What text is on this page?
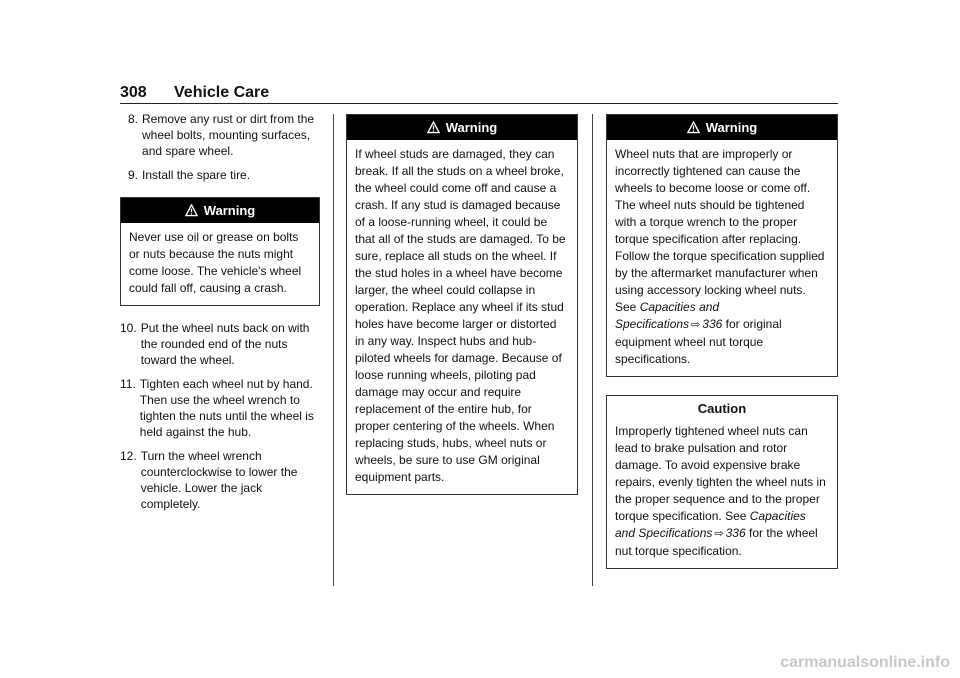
308 Vehicle Care
8. Remove any rust or dirt from the wheel bolts, mounting surfaces, and spare wheel.
9. Install the spare tire.
Warning
Never use oil or grease on bolts or nuts because the nuts might come loose. The vehicle's wheel could fall off, causing a crash.
10. Put the wheel nuts back on with the rounded end of the nuts toward the wheel.
11. Tighten each wheel nut by hand. Then use the wheel wrench to tighten the nuts until the wheel is held against the hub.
12. Turn the wheel wrench counterclockwise to lower the vehicle. Lower the jack completely.
Warning
If wheel studs are damaged, they can break. If all the studs on a wheel broke, the wheel could come off and cause a crash. If any stud is damaged because of a loose-running wheel, it could be that all of the studs are damaged. To be sure, replace all studs on the wheel. If the stud holes in a wheel have become larger, the wheel could collapse in operation. Replace any wheel if its stud holes have become larger or distorted in any way. Inspect hubs and hub-piloted wheels for damage. Because of loose running wheels, piloting pad damage may occur and require replacement of the entire hub, for proper centering of the wheels. When replacing studs, hubs, wheel nuts or wheels, be sure to use GM original equipment parts.
Warning
Wheel nuts that are improperly or incorrectly tightened can cause the wheels to become loose or come off. The wheel nuts should be tightened with a torque wrench to the proper torque specification after replacing. Follow the torque specification supplied by the aftermarket manufacturer when using accessory locking wheel nuts. See Capacities and Specifications ⇨ 336 for original equipment wheel nut torque specifications.
Caution
Improperly tightened wheel nuts can lead to brake pulsation and rotor damage. To avoid expensive brake repairs, evenly tighten the wheel nuts in the proper sequence and to the proper torque specification. See Capacities and Specifications ⇨ 336 for the wheel nut torque specification.
carmanualsonline.info
